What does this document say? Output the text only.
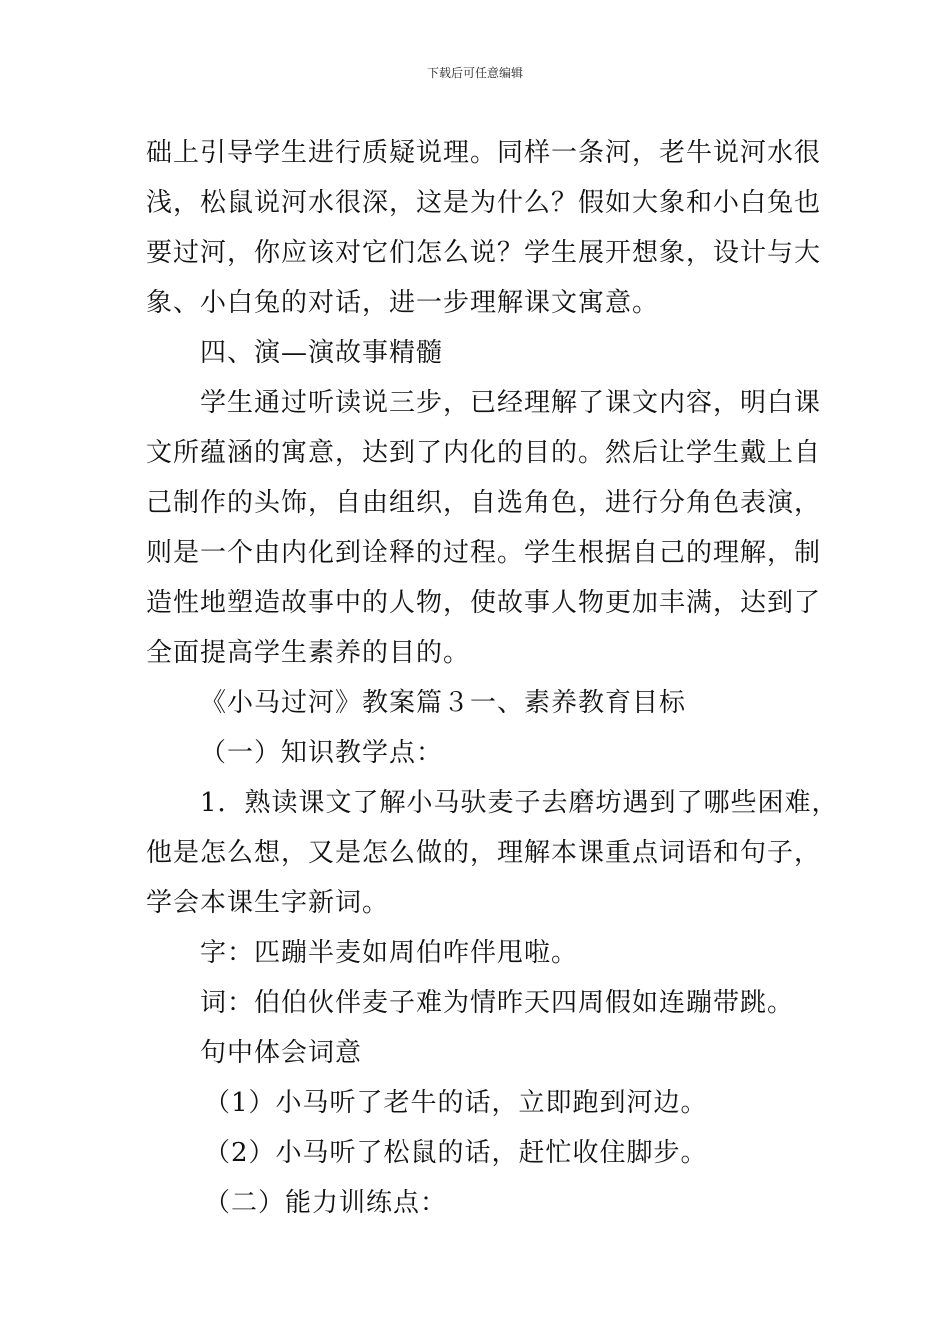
下载后可任意编辑
础上引导学生进行质疑说理。同样一条河，老牛说河水很
浅，松鼠说河水很深，这是为什么？假如大象和小白兔也
要过河，你应该对它们怎么说？学生展开想象，设计与大
象、小白兔的对话，进一步理解课文寓意。
四、演—演故事精髓
学生通过听读说三步，已经理解了课文内容，明白课
文所蕴涵的寓意，达到了内化的目的。然后让学生戴上自
己制作的头饰，自由组织，自选角色，进行分角色表演，
则是一个由内化到诠释的过程。学生根据自己的理解，制
造性地塑造故事中的人物，使故事人物更加丰满，达到了
全面提高学生素养的目的。
《小马过河》教案篇３一、素养教育目标
（一）知识教学点：
1．熟读课文了解小马驮麦子去磨坊遇到了哪些困难，
他是怎么想，又是怎么做的，理解本课重点词语和句子，
学会本课生字新词。
字：匹蹦半麦如周伯咋伴甩啦。
词：伯伯伙伴麦子难为情昨天四周假如连蹦带跳。
句中体会词意
（1）小马听了老牛的话，立即跑到河边。
（2）小马听了松鼠的话，赶忙收住脚步。
（二）能力训练点：
